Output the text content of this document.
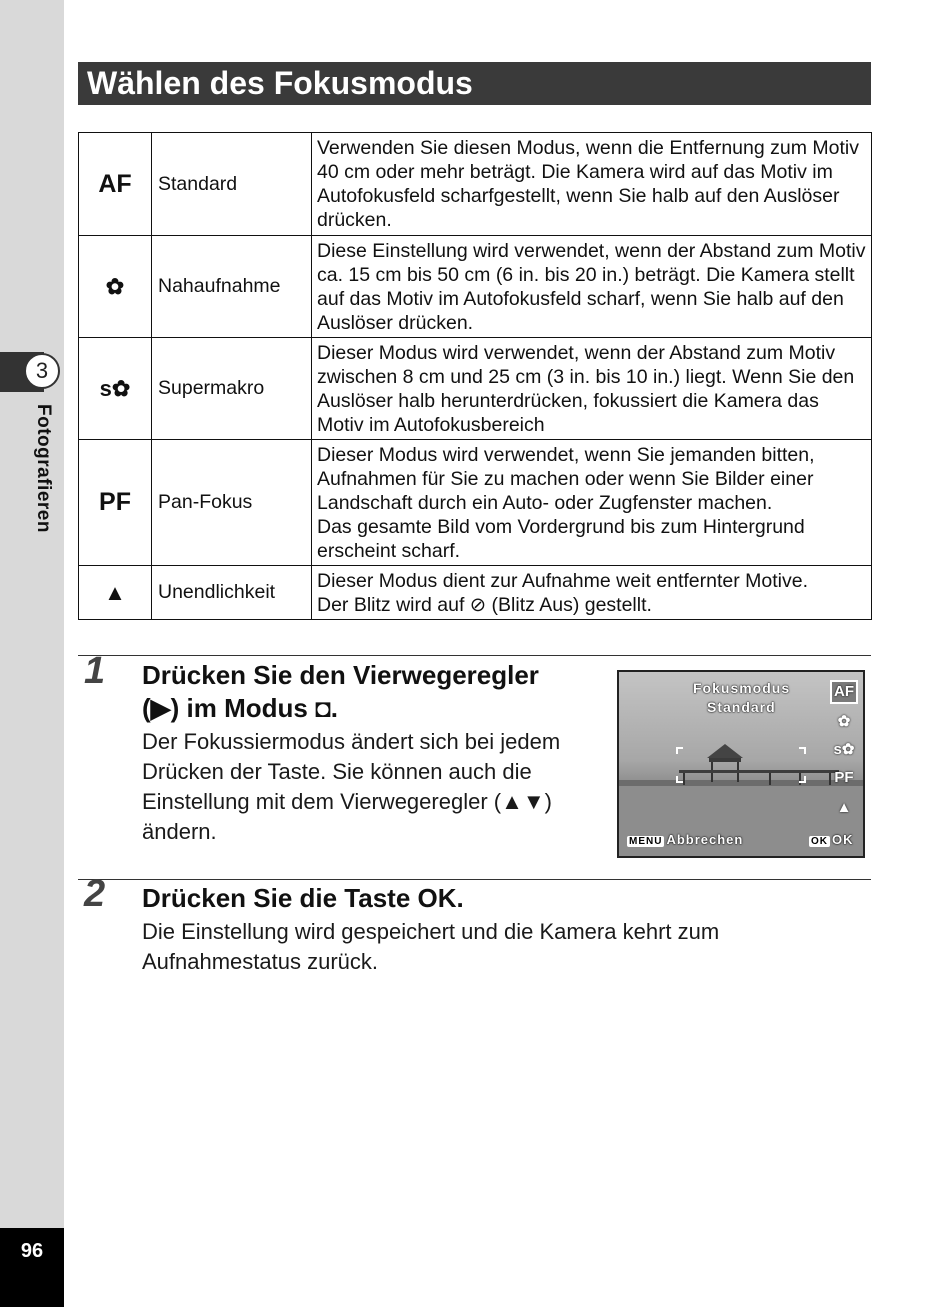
3
Fotografieren
96
Wählen des Fokusmodus
AF	Standard	Verwenden Sie diesen Modus, wenn die Entfernung zum Motiv 40 cm oder mehr beträgt. Die Kamera wird auf das Motiv im Autofokusfeld scharfgestellt, wenn Sie halb auf den Auslöser drücken.
✿	Nahaufnahme	Diese Einstellung wird verwendet, wenn der Abstand zum Motiv ca. 15 cm bis 50 cm (6 in. bis 20 in.) beträgt. Die Kamera stellt auf das Motiv im Autofokusfeld scharf, wenn Sie halb auf den Auslöser drücken.
s✿	Supermakro	Dieser Modus wird verwendet, wenn der Abstand zum Motiv zwischen 8 cm und 25 cm (3 in. bis 10 in.) liegt. Wenn Sie den Auslöser halb herunterdrücken, fokussiert die Kamera das Motiv im Autofokusbereich
PF	Pan-Fokus	Dieser Modus wird verwendet, wenn Sie jemanden bitten, Aufnahmen für Sie zu machen oder wenn Sie Bilder einer Landschaft durch ein Auto- oder Zugfenster machen.
Das gesamte Bild vom Vordergrund bis zum Hintergrund erscheint scharf.

▲	Unendlichkeit	Dieser Modus dient zur Aufnahme weit entfernter Motive.
Der Blitz wird auf ⊘ (Blitz Aus) gestellt.
1 Drücken Sie den Vierwegeregler
(▶) im Modus ◘.
Der Fokussiermodus ändert sich bei jedem
Drücken der Taste. Sie können auch die
Einstellung mit dem Vierwegeregler (▲▼)
ändern.
Fokusmodus
Standard
AF
✿
s✿
PF
▲
MENU Abbrechen	OK OK
2 Drücken Sie die Taste OK.
Die Einstellung wird gespeichert und die Kamera kehrt zum
Aufnahmestatus zurück.
